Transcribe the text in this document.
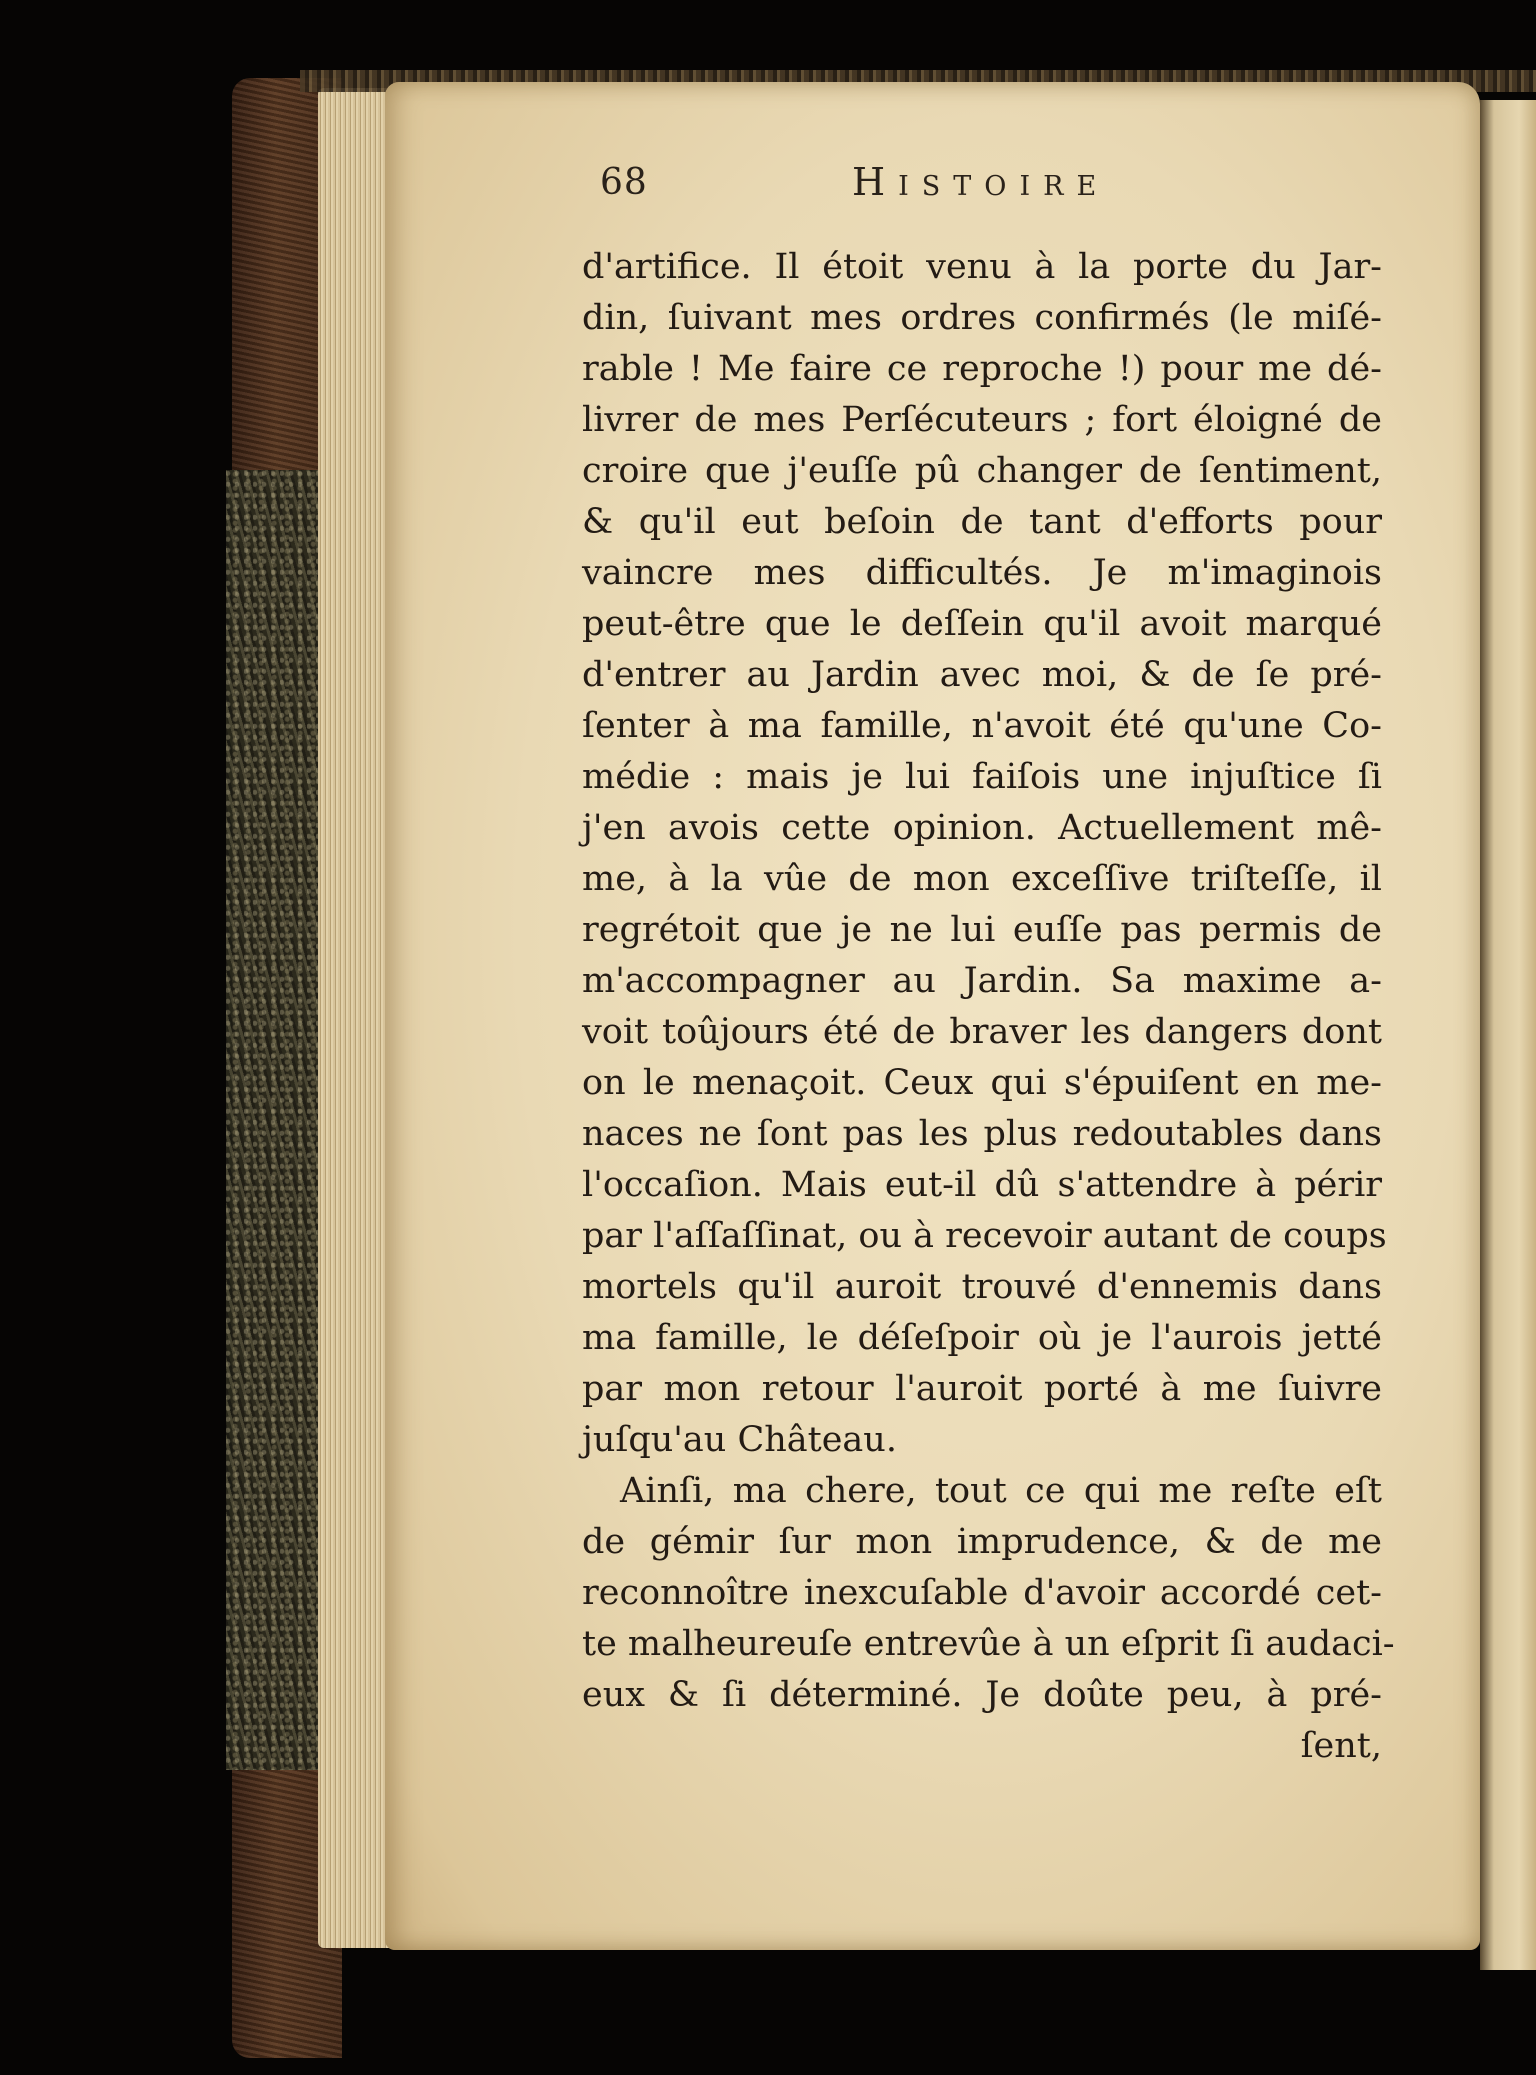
68	Histoire
d'artifice. Il étoit venu à la porte du Jar-
din, ſuivant mes ordres confirmés (le miſé-
rable ! Me faire ce reproche !) pour me dé-
livrer de mes Perſécuteurs ; fort éloigné de
croire que j'euſſe pû changer de ſentiment,
& qu'il eut beſoin de tant d'efforts pour
vaincre mes difficultés. Je m'imaginois
peut-être que le deſſein qu'il avoit marqué
d'entrer au Jardin avec moi, & de ſe pré-
ſenter à ma famille, n'avoit été qu'une Co-
médie : mais je lui faiſois une injuſtice ſi
j'en avois cette opinion. Actuellement mê-
me, à la vûe de mon exceſſive triſteſſe, il
regrétoit que je ne lui euſſe pas permis de
m'accompagner au Jardin. Sa maxime a-
voit toûjours été de braver les dangers dont
on le menaçoit. Ceux qui s'épuiſent en me-
naces ne ſont pas les plus redoutables dans
l'occaſion. Mais eut-il dû s'attendre à périr
par l'aſſaſſinat, ou à recevoir autant de coups
mortels qu'il auroit trouvé d'ennemis dans
ma famille, le déſeſpoir où je l'aurois jetté
par mon retour l'auroit porté à me ſuivre
juſqu'au Château.
Ainſi, ma chere, tout ce qui me reſte eſt
de gémir ſur mon imprudence, & de me
reconnoître inexcuſable d'avoir accordé cet-
te malheureuſe entrevûe à un eſprit ſi audaci-
eux & ſi déterminé. Je doûte peu, à pré-
ſent,
